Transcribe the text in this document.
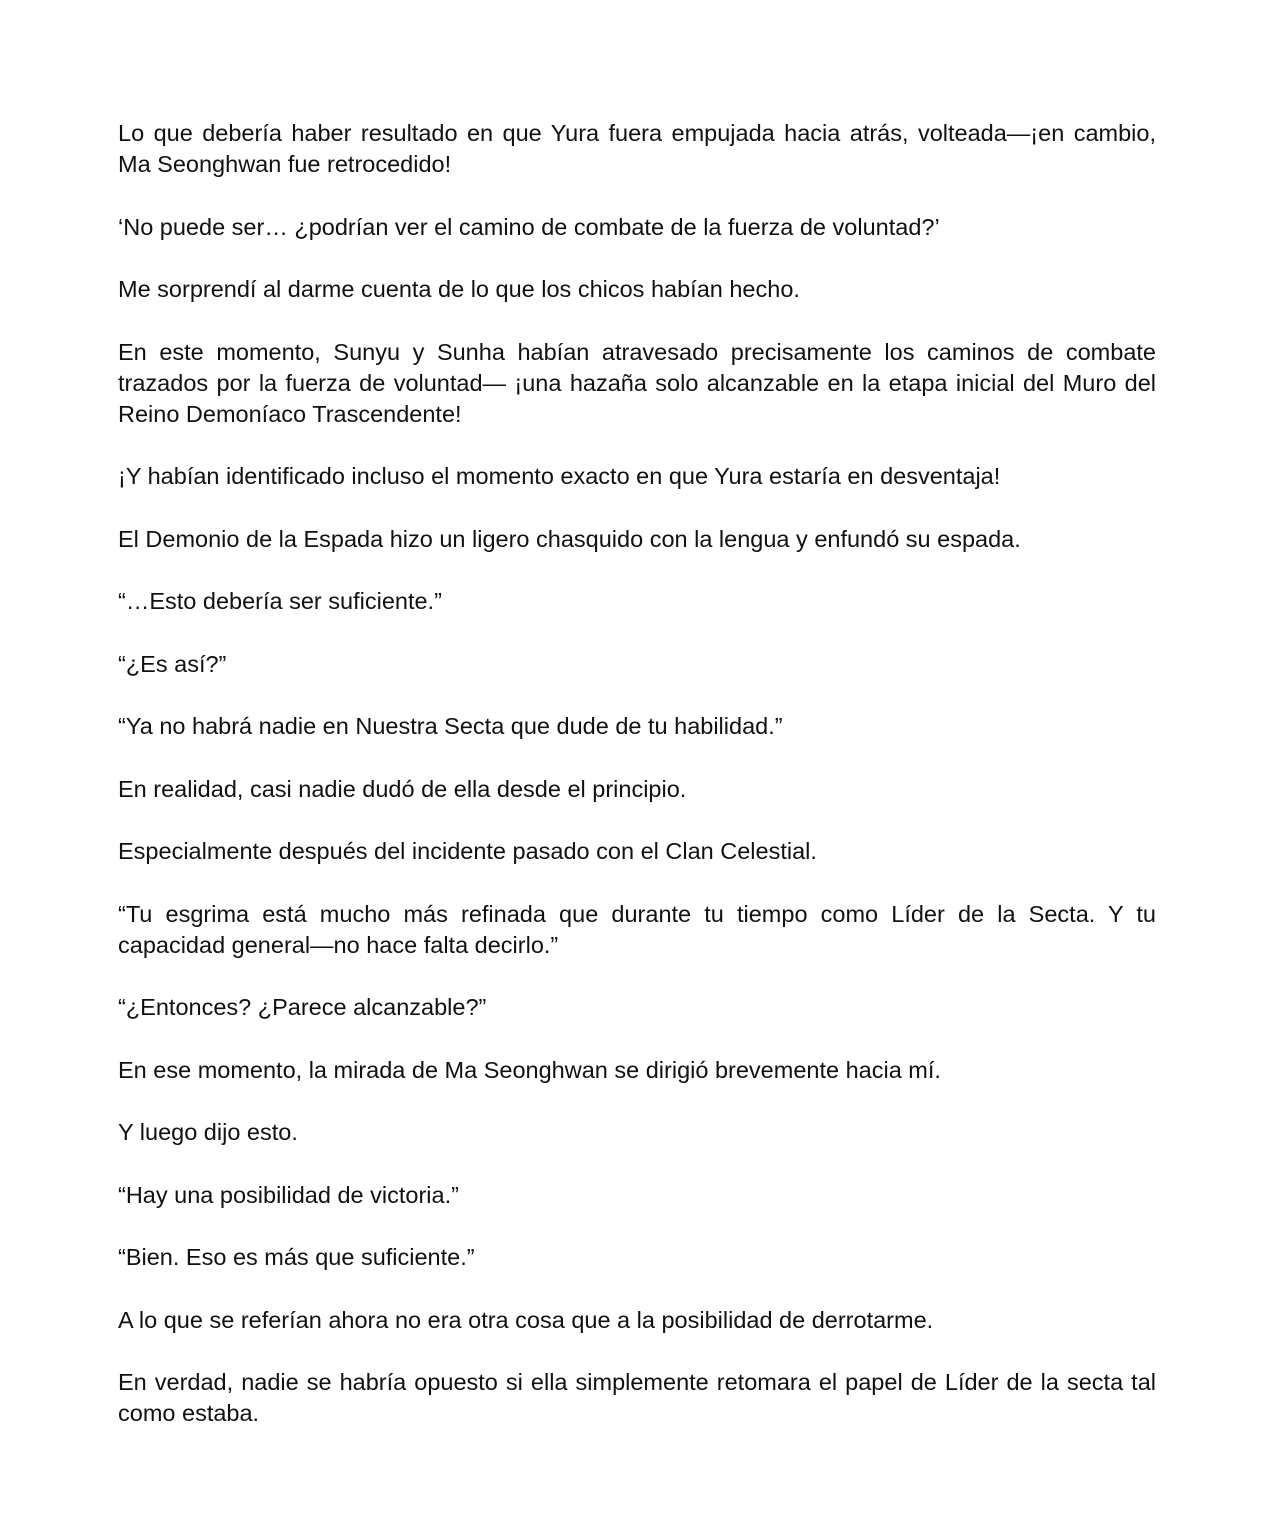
Lo que debería haber resultado en que Yura fuera empujada hacia atrás, volteada—¡en cambio, Ma Seonghwan fue retrocedido!

‘No puede ser… ¿podrían ver el camino de combate de la fuerza de voluntad?’

Me sorprendí al darme cuenta de lo que los chicos habían hecho.

En este momento, Sunyu y Sunha habían atravesado precisamente los caminos de combate trazados por la fuerza de voluntad— ¡una hazaña solo alcanzable en la etapa inicial del Muro del Reino Demoníaco Trascendente!

¡Y habían identificado incluso el momento exacto en que Yura estaría en desventaja!

El Demonio de la Espada hizo un ligero chasquido con la lengua y enfundó su espada.

“…Esto debería ser suficiente.”

“¿Es así?”

“Ya no habrá nadie en Nuestra Secta que dude de tu habilidad.”

En realidad, casi nadie dudó de ella desde el principio.

Especialmente después del incidente pasado con el Clan Celestial.

“Tu esgrima está mucho más refinada que durante tu tiempo como Líder de la Secta. Y tu capacidad general—no hace falta decirlo.”

“¿Entonces? ¿Parece alcanzable?”

En ese momento, la mirada de Ma Seonghwan se dirigió brevemente hacia mí.

Y luego dijo esto.

“Hay una posibilidad de victoria.”

“Bien. Eso es más que suficiente.”

A lo que se referían ahora no era otra cosa que a la posibilidad de derrotarme.

En verdad, nadie se habría opuesto si ella simplemente retomara el papel de Líder de la secta tal como estaba.
